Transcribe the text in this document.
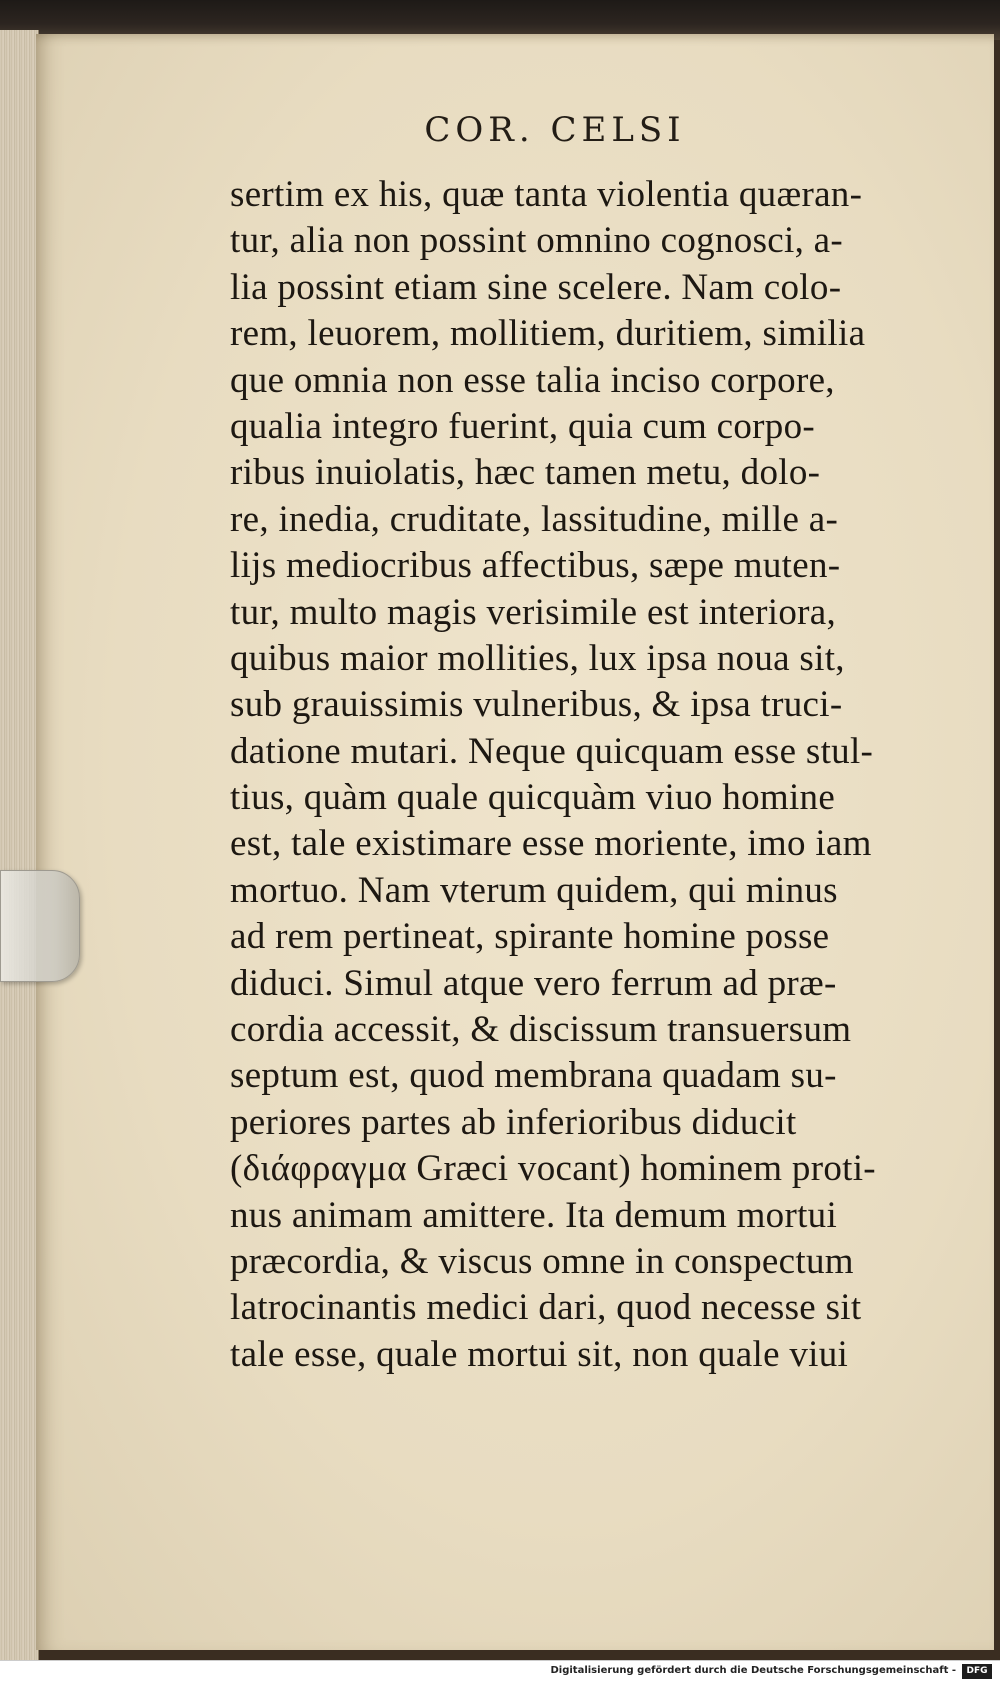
COR. CELSI
sertim ex his, quæ tanta violentia quæran-
tur, alia non possint omnino cognosci, a-
lia possint etiam sine scelere. Nam colo-
rem, leuorem, mollitiem, duritiem, similia
que omnia non esse talia inciso corpore,
qualia integro fuerint, quia cum corpo-
ribus inuiolatis, hæc tamen metu, dolo-
re, inedia, cruditate, lassitudine, mille a-
lijs mediocribus affectibus, sæpe muten-
tur, multo magis verisimile est interiora,
quibus maior mollities, lux ipsa noua sit,
sub grauissimis vulneribus, & ipsa truci-
datione mutari. Neque quicquam esse stul-
tius, quàm quale quicquàm viuo homine
est, tale existimare esse moriente, imo iam
mortuo. Nam vterum quidem, qui minus
ad rem pertineat, spirante homine posse
diduci. Simul atque vero ferrum ad præ-
cordia accessit, & discissum transuersum
septum est, quod membrana quadam su-
periores partes ab inferioribus diducit
(διάφραγμα Græci vocant) hominem proti-
nus animam amittere. Ita demum mortui
præcordia, & viscus omne in conspectum
latrocinantis medici dari, quod necesse sit
tale esse, quale mortui sit, non quale viui
Digitalisierung gefördert durch die Deutsche Forschungsgemeinschaft -	DFG
